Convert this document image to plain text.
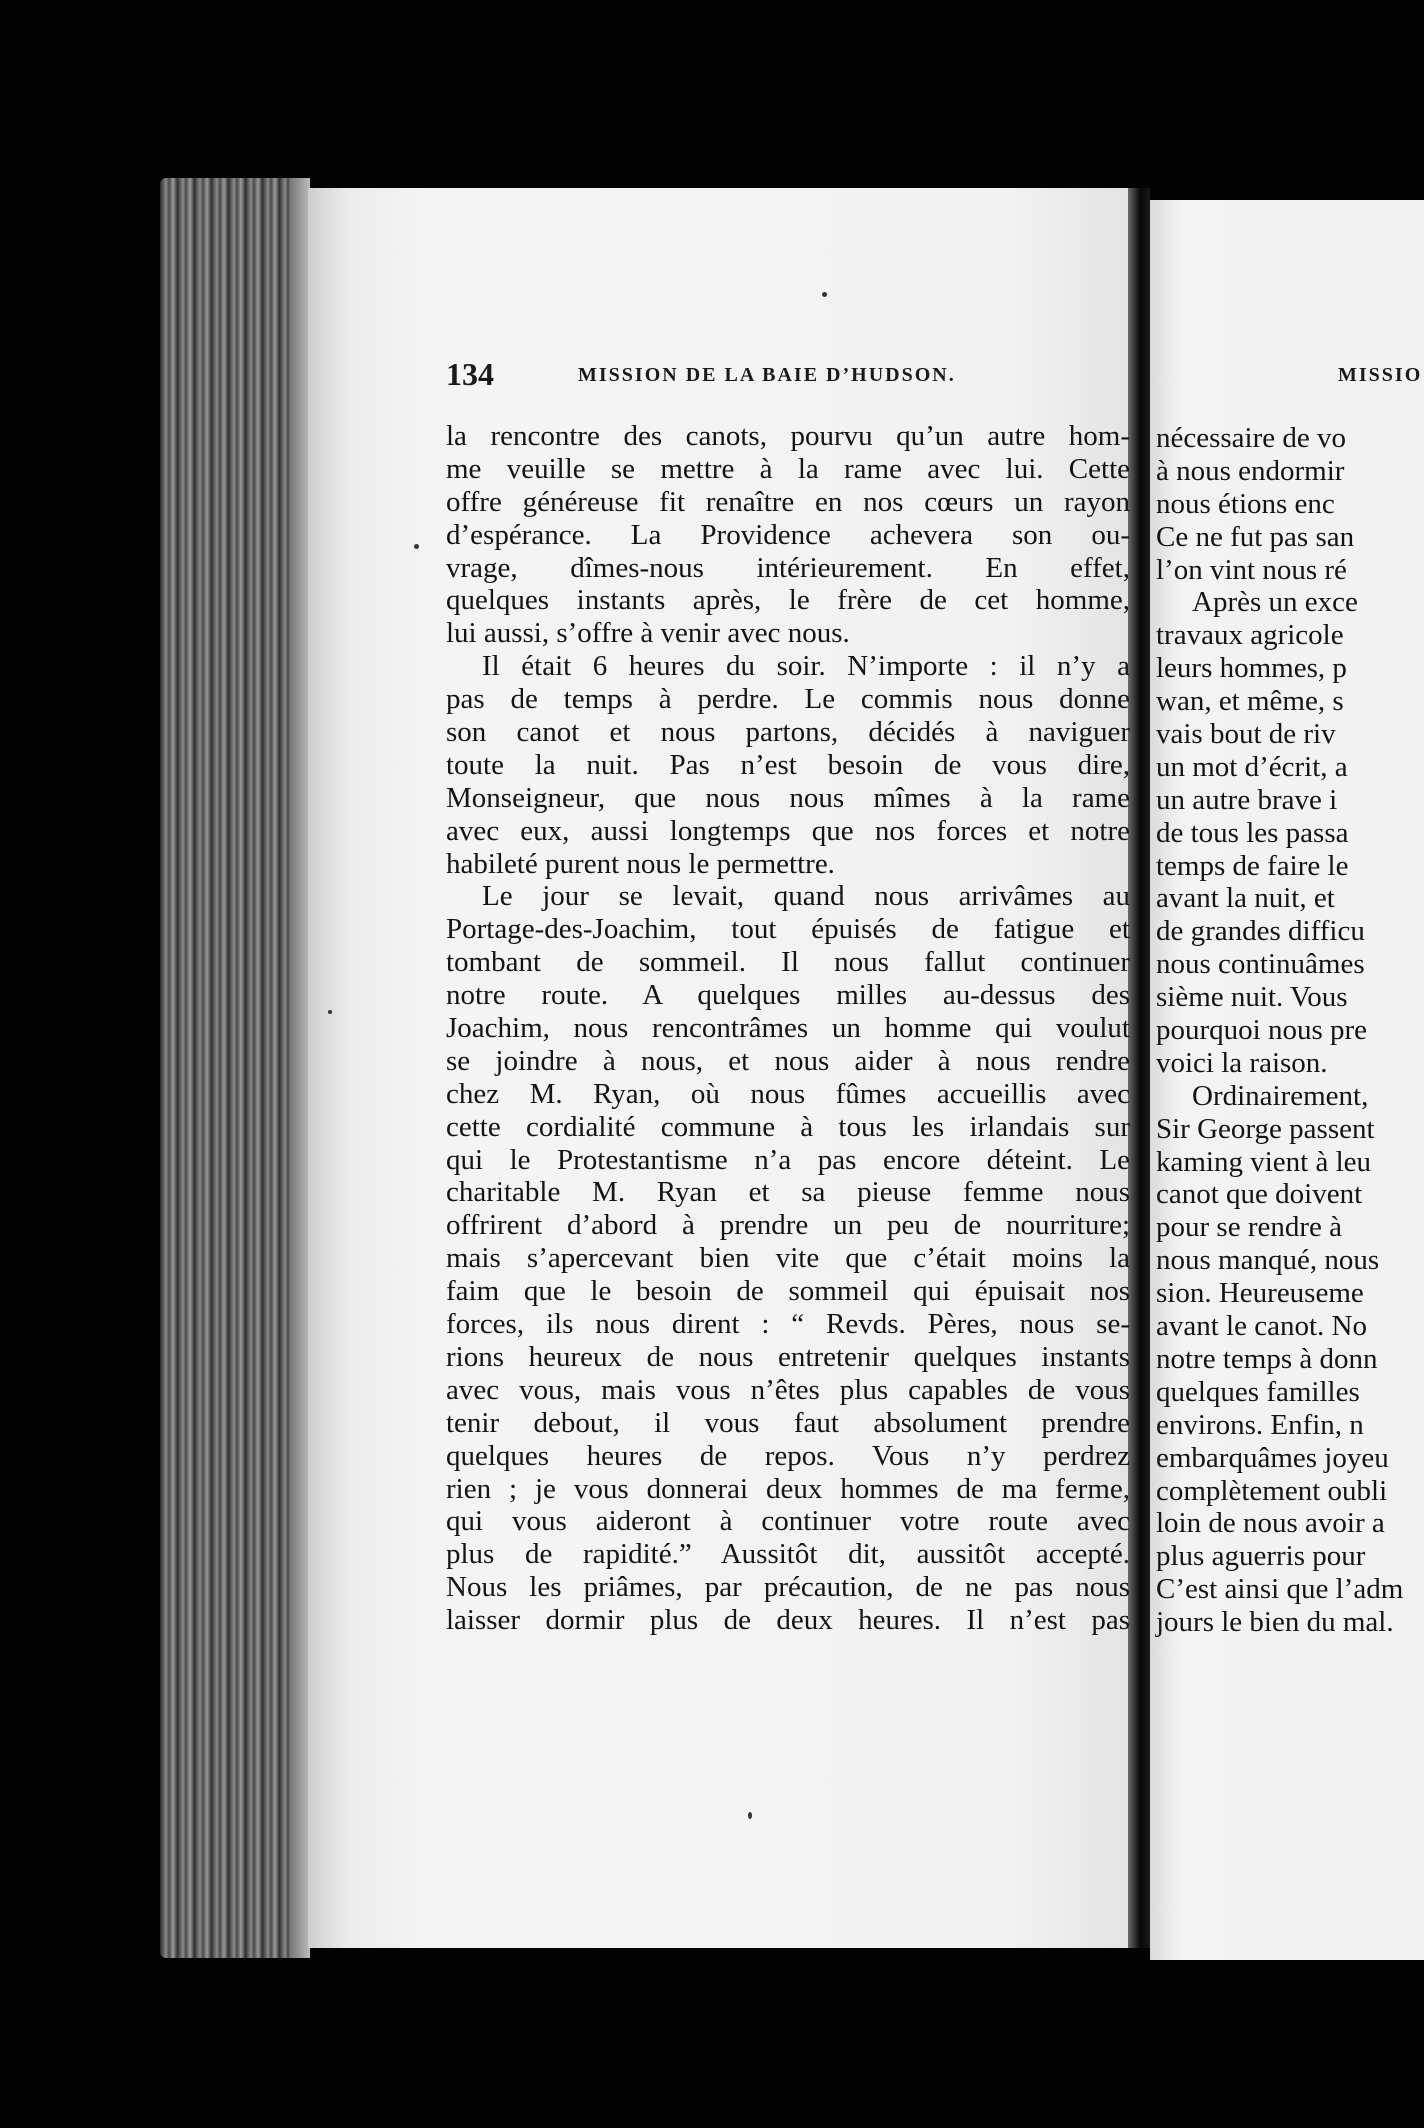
MISSIO
nécessaire de vo
à nous endormir
nous étions enc
Ce ne fut pas san
l’on vint nous ré
Après un exce
travaux agricole
leurs hommes, p
wan, et même, s
vais bout de riv
un mot d’écrit, a
un autre brave i
de tous les passa
temps de faire le
avant la nuit, et
de grandes difficu
nous continuâmes
sième nuit. Vous
pourquoi nous pre
voici la raison.
Ordinairement,
Sir George passent
kaming vient à leu
canot que doivent
pour se rendre à
nous manqué, nous
sion. Heureuseme
avant le canot. No
notre temps à donn
quelques familles
environs. Enfin, n
embarquâmes joyeu
complètement oubli
loin de nous avoir a
plus aguerris pour
C’est ainsi que l’adm
jours le bien du mal.
134	MISSION DE LA BAIE D’HUDSON.
la rencontre des canots, pourvu qu’un autre hom-
me veuille se mettre à la rame avec lui. Cette
offre généreuse fit renaître en nos cœurs un rayon
d’espérance. La Providence achevera son ou-
vrage, dîmes-nous intérieurement. En effet,
quelques instants après, le frère de cet homme,
lui aussi, s’offre à venir avec nous.
Il était 6 heures du soir. N’importe : il n’y a
pas de temps à perdre. Le commis nous donne
son canot et nous partons, décidés à naviguer
toute la nuit. Pas n’est besoin de vous dire,
Monseigneur, que nous nous mîmes à la rame
avec eux, aussi longtemps que nos forces et notre
habileté purent nous le permettre.
Le jour se levait, quand nous arrivâmes au
Portage-des-Joachim, tout épuisés de fatigue et
tombant de sommeil. Il nous fallut continuer
notre route. A quelques milles au-dessus des
Joachim, nous rencontrâmes un homme qui voulut
se joindre à nous, et nous aider à nous rendre
chez M. Ryan, où nous fûmes accueillis avec
cette cordialité commune à tous les irlandais sur
qui le Protestantisme n’a pas encore déteint. Le
charitable M. Ryan et sa pieuse femme nous
offrirent d’abord à prendre un peu de nourriture;
mais s’apercevant bien vite que c’était moins la
faim que le besoin de sommeil qui épuisait nos
forces, ils nous dirent : “ Revds. Pères, nous se-
rions heureux de nous entretenir quelques instants
avec vous, mais vous n’êtes plus capables de vous
tenir debout, il vous faut absolument prendre
quelques heures de repos. Vous n’y perdrez
rien ; je vous donnerai deux hommes de ma ferme,
qui vous aideront à continuer votre route avec
plus de rapidité.” Aussitôt dit, aussitôt accepté.
Nous les priâmes, par précaution, de ne pas nous
laisser dormir plus de deux heures. Il n’est pas
